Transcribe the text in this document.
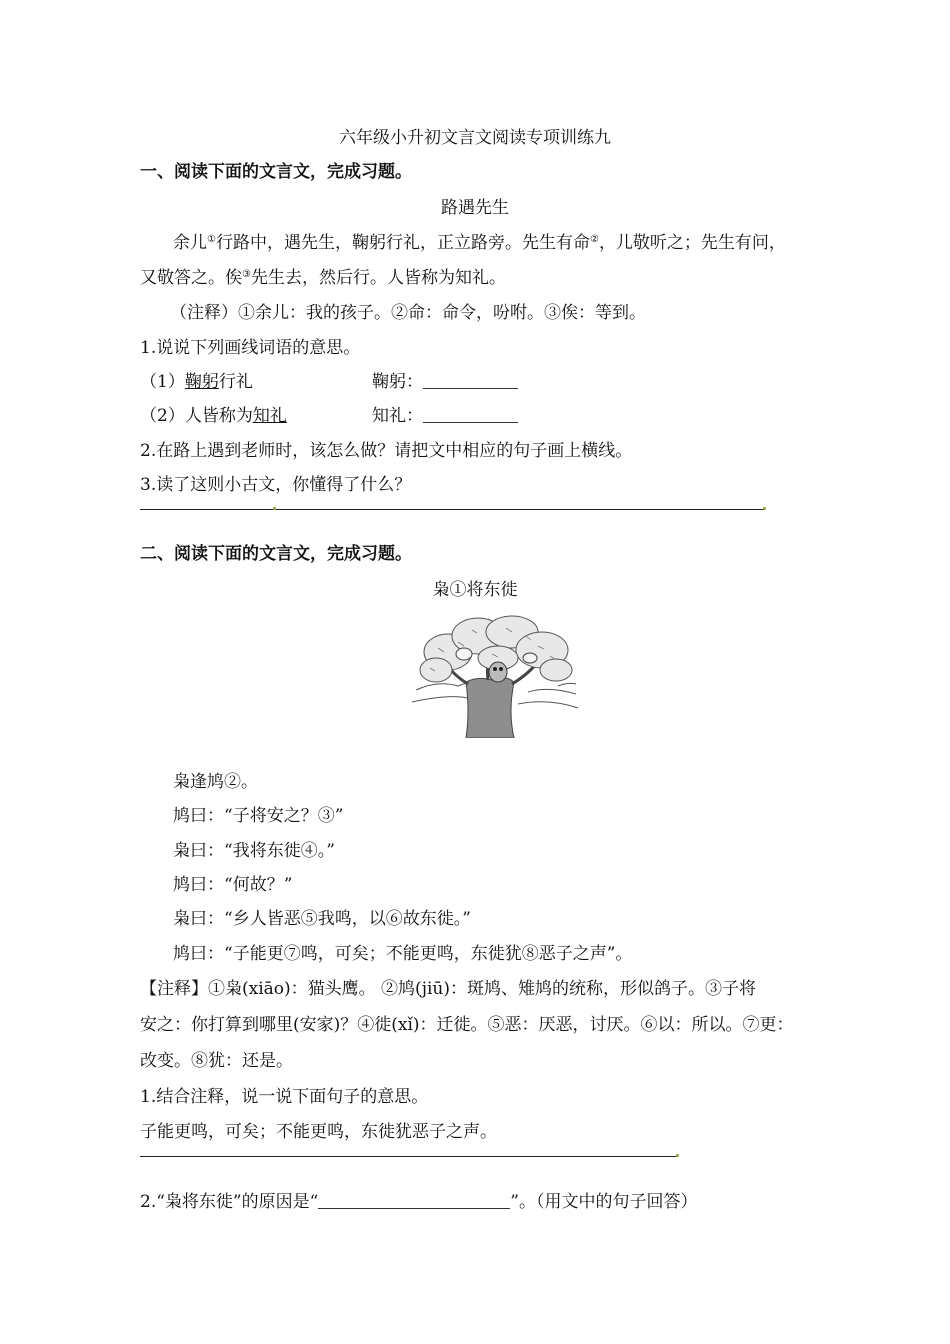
六年级小升初文言文阅读专项训练九
一、阅读下面的文言文，完成习题。
路遇先生
余儿①行路中，遇先生，鞠躬行礼，正立路旁。先生有命②，儿敬听之；先生有问，
又敬答之。俟③先生去，然后行。人皆称为知礼。
（注释）①余儿：我的孩子。②命：命令，吩咐。③俟：等到。
1.说说下列画线词语的意思。
（1）鞠躬行礼	鞠躬：
（2）人皆称为知礼	知礼：
2.在路上遇到老师时，该怎么做？请把文中相应的句子画上横线。
3.读了这则小古文，你懂得了什么？
二、阅读下面的文言文，完成习题。
枭①将东徙
枭逢鸠②。
鸠曰：“子将安之？③”
枭曰：“我将东徙④。”
鸠曰：“何故？”
枭曰：“乡人皆恶⑤我鸣，以⑥故东徙。”
鸠曰：“子能更⑦鸣，可矣；不能更鸣，东徙犹⑧恶子之声”。
【注释】①枭(xiāo)：猫头鹰。 ②鸠(jiū)：斑鸠、雉鸠的统称，形似鸽子。③子将
安之：你打算到哪里(安家)？④徙(xǐ)：迁徙。⑤恶：厌恶，讨厌。⑥以：所以。⑦更：
改变。⑧犹：还是。
1.结合注释，说一说下面句子的意思。
子能更鸣，可矣；不能更鸣，东徙犹恶子之声。
2.“枭将东徙”的原因是“	”。（用文中的句子回答）
